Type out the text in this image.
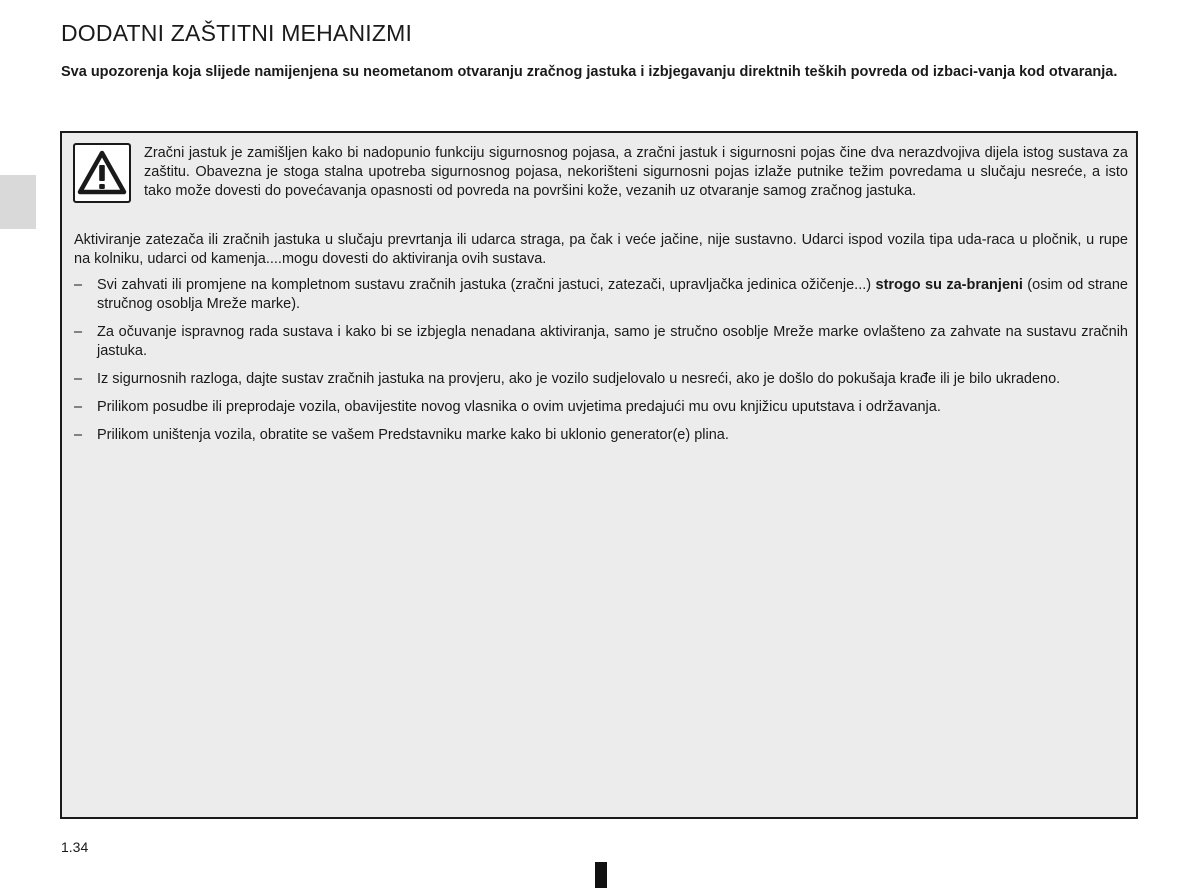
DODATNI ZAŠTITNI MEHANIZMI

Sva upozorenja koja slijede namijenjena su neometanom otvaranju zračnog jastuka i izbjegavanju direktnih teških povreda od izbaci-vanja kod otvaranja.

Zračni jastuk je zamišljen kako bi nadopunio funkciju sigurnosnog pojasa, a zračni jastuk i sigurnosni pojas čine dva nerazdvojiva dijela istog sustava za zaštitu. Obavezna je stoga stalna upotreba sigurnosnog pojasa, nekorišteni sigurnosni pojas izlaže putnike težim povredama u slučaju nesreće, a isto tako može dovesti do povećavanja opasnosti od povreda na površini kože, vezanih uz otvaranje samog zračnog jastuka.

Aktiviranje zatezača ili zračnih jastuka u slučaju prevrtanja ili udarca straga, pa čak i veće jačine, nije sustavno. Udarci ispod vozila tipa uda-raca u pločnik, u rupe na kolniku, udarci od kamenja....mogu dovesti do aktiviranja ovih sustava.

– Svi zahvati ili promjene na kompletnom sustavu zračnih jastuka (zračni jastuci, zatezači, upravljačka jedinica ožičenje...) strogo su za-branjeni (osim od strane stručnog osoblja Mreže marke).
– Za očuvanje ispravnog rada sustava i kako bi se izbjegla nenadana aktiviranja, samo je stručno osoblje Mreže marke ovlašteno za zahvate na sustavu zračnih jastuka.
– Iz sigurnosnih razloga, dajte sustav zračnih jastuka na provjeru, ako je vozilo sudjelovalo u nesreći, ako je došlo do pokušaja krađe ili je bilo ukradeno.
– Prilikom posudbe ili preprodaje vozila, obavijestite novog vlasnika o ovim uvjetima predajući mu ovu knjižicu uputstava i održavanja.
– Prilikom uništenja vozila, obratite se vašem Predstavniku marke kako bi uklonio generator(e) plina.
1.34
